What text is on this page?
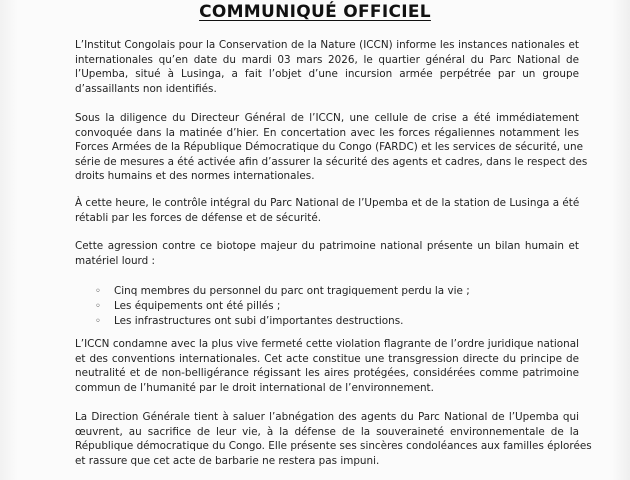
COMMUNIQUÉ OFFICIEL

L’Institut Congolais pour la Conservation de la Nature (ICCN) informe les instances nationales et
internationales qu’en date du mardi 03 mars 2026, le quartier général du Parc National de
l’Upemba, situé à Lusinga, a fait l’objet d’une incursion armée perpétrée par un groupe
d’assaillants non identifiés.

Sous la diligence du Directeur Général de l’ICCN, une cellule de crise a été immédiatement
convoquée dans la matinée d’hier. En concertation avec les forces régaliennes notamment les
Forces Armées de la République Démocratique du Congo (FARDC) et les services de sécurité, une
série de mesures a été activée afin d’assurer la sécurité des agents et cadres, dans le respect des
droits humains et des normes internationales.

À cette heure, le contrôle intégral du Parc National de l’Upemba et de la station de Lusinga a été
rétabli par les forces de défense et de sécurité.

Cette agression contre ce biotope majeur du patrimoine national présente un bilan humain et
matériel lourd :

◦ Cinq membres du personnel du parc ont tragiquement perdu la vie ;
◦ Les équipements ont été pillés ;
◦ Les infrastructures ont subi d’importantes destructions.

L’ICCN condamne avec la plus vive fermeté cette violation flagrante de l’ordre juridique national
et des conventions internationales. Cet acte constitue une transgression directe du principe de
neutralité et de non-belligérance régissant les aires protégées, considérées comme patrimoine
commun de l’humanité par le droit international de l’environnement.

La Direction Générale tient à saluer l’abnégation des agents du Parc National de l’Upemba qui
œuvrent, au sacrifice de leur vie, à la défense de la souveraineté environnementale de la
République démocratique du Congo. Elle présente ses sincères condoléances aux familles éplorées
et rassure que cet acte de barbarie ne restera pas impuni.
